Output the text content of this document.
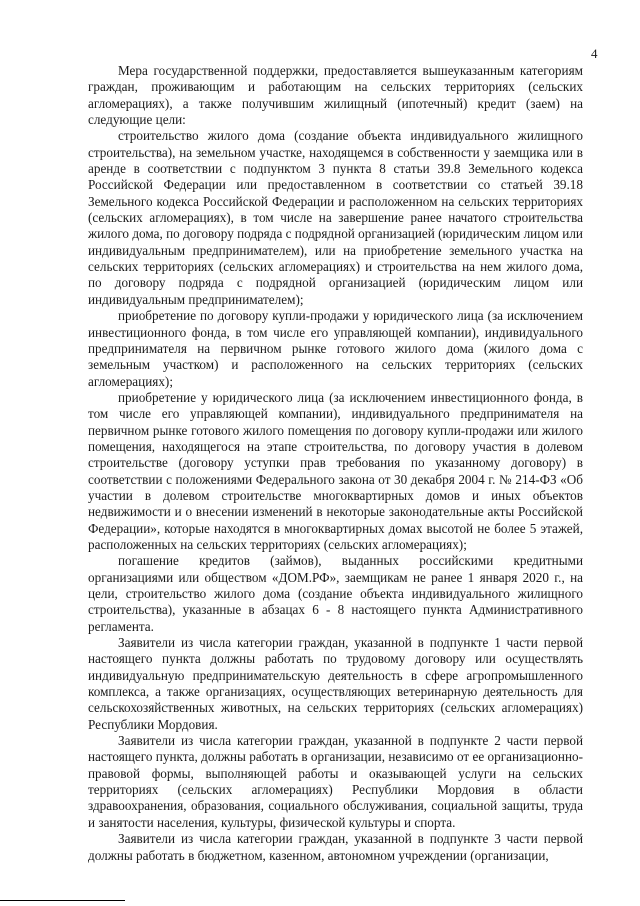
4

Мера государственной поддержки, предоставляется вышеуказанным категориям граждан, проживающим и работающим на сельских территориях (сельских агломерациях), а также получившим жилищный (ипотечный) кредит (заем) на следующие цели:

строительство жилого дома (создание объекта индивидуального жилищного строительства), на земельном участке, находящемся в собственности у заемщика или в аренде в соответствии с подпунктом 3 пункта 8 статьи 39.8 Земельного кодекса Российской Федерации или предоставленном в соответствии со статьей 39.18 Земельного кодекса Российской Федерации и расположенном на сельских территориях (сельских агломерациях), в том числе на завершение ранее начатого строительства жилого дома, по договору подряда с подрядной организацией (юридическим лицом или индивидуальным предпринимателем), или на приобретение земельного участка на сельских территориях (сельских агломерациях) и строительства на нем жилого дома, по договору подряда с подрядной организацией (юридическим лицом или индивидуальным предпринимателем);

приобретение по договору купли-продажи у юридического лица (за исключением инвестиционного фонда, в том числе его управляющей компании), индивидуального предпринимателя на первичном рынке готового жилого дома (жилого дома с земельным участком) и расположенного на сельских территориях (сельских агломерациях);

приобретение у юридического лица (за исключением инвестиционного фонда, в том числе его управляющей компании), индивидуального предпринимателя на первичном рынке готового жилого помещения по договору купли-продажи или жилого помещения, находящегося на этапе строительства, по договору участия в долевом строительстве (договору уступки прав требования по указанному договору) в соответствии с положениями Федерального закона от 30 декабря 2004 г. № 214-ФЗ «Об участии в долевом строительстве многоквартирных домов и иных объектов недвижимости и о внесении изменений в некоторые законодательные акты Российской Федерации», которые находятся в многоквартирных домах высотой не более 5 этажей, расположенных на сельских территориях (сельских агломерациях);

погашение кредитов (займов), выданных российскими кредитными организациями или обществом «ДОМ.РФ», заемщикам не ранее 1 января 2020 г., на цели, строительство жилого дома (создание объекта индивидуального жилищного строительства), указанные в абзацах 6 - 8 настоящего пункта Административного регламента.

Заявители из числа категории граждан, указанной в подпункте 1 части первой настоящего пункта должны работать по трудовому договору или осуществлять индивидуальную предпринимательскую деятельность в сфере агропромышленного комплекса, а также организациях, осуществляющих ветеринарную деятельность для сельскохозяйственных животных, на сельских территориях (сельских агломерациях) Республики Мордовия.

Заявители из числа категории граждан, указанной в подпункте 2 части первой настоящего пункта, должны работать в организации, независимо от ее организационно-правовой формы, выполняющей работы и оказывающей услуги на сельских территориях (сельских агломерациях) Республики Мордовия в области здравоохранения, образования, социального обслуживания, социальной защиты, труда и занятости населения, культуры, физической культуры и спорта.

Заявители из числа категории граждан, указанной в подпункте 3 части первой должны работать в бюджетном, казенном, автономном учреждении (организации,
